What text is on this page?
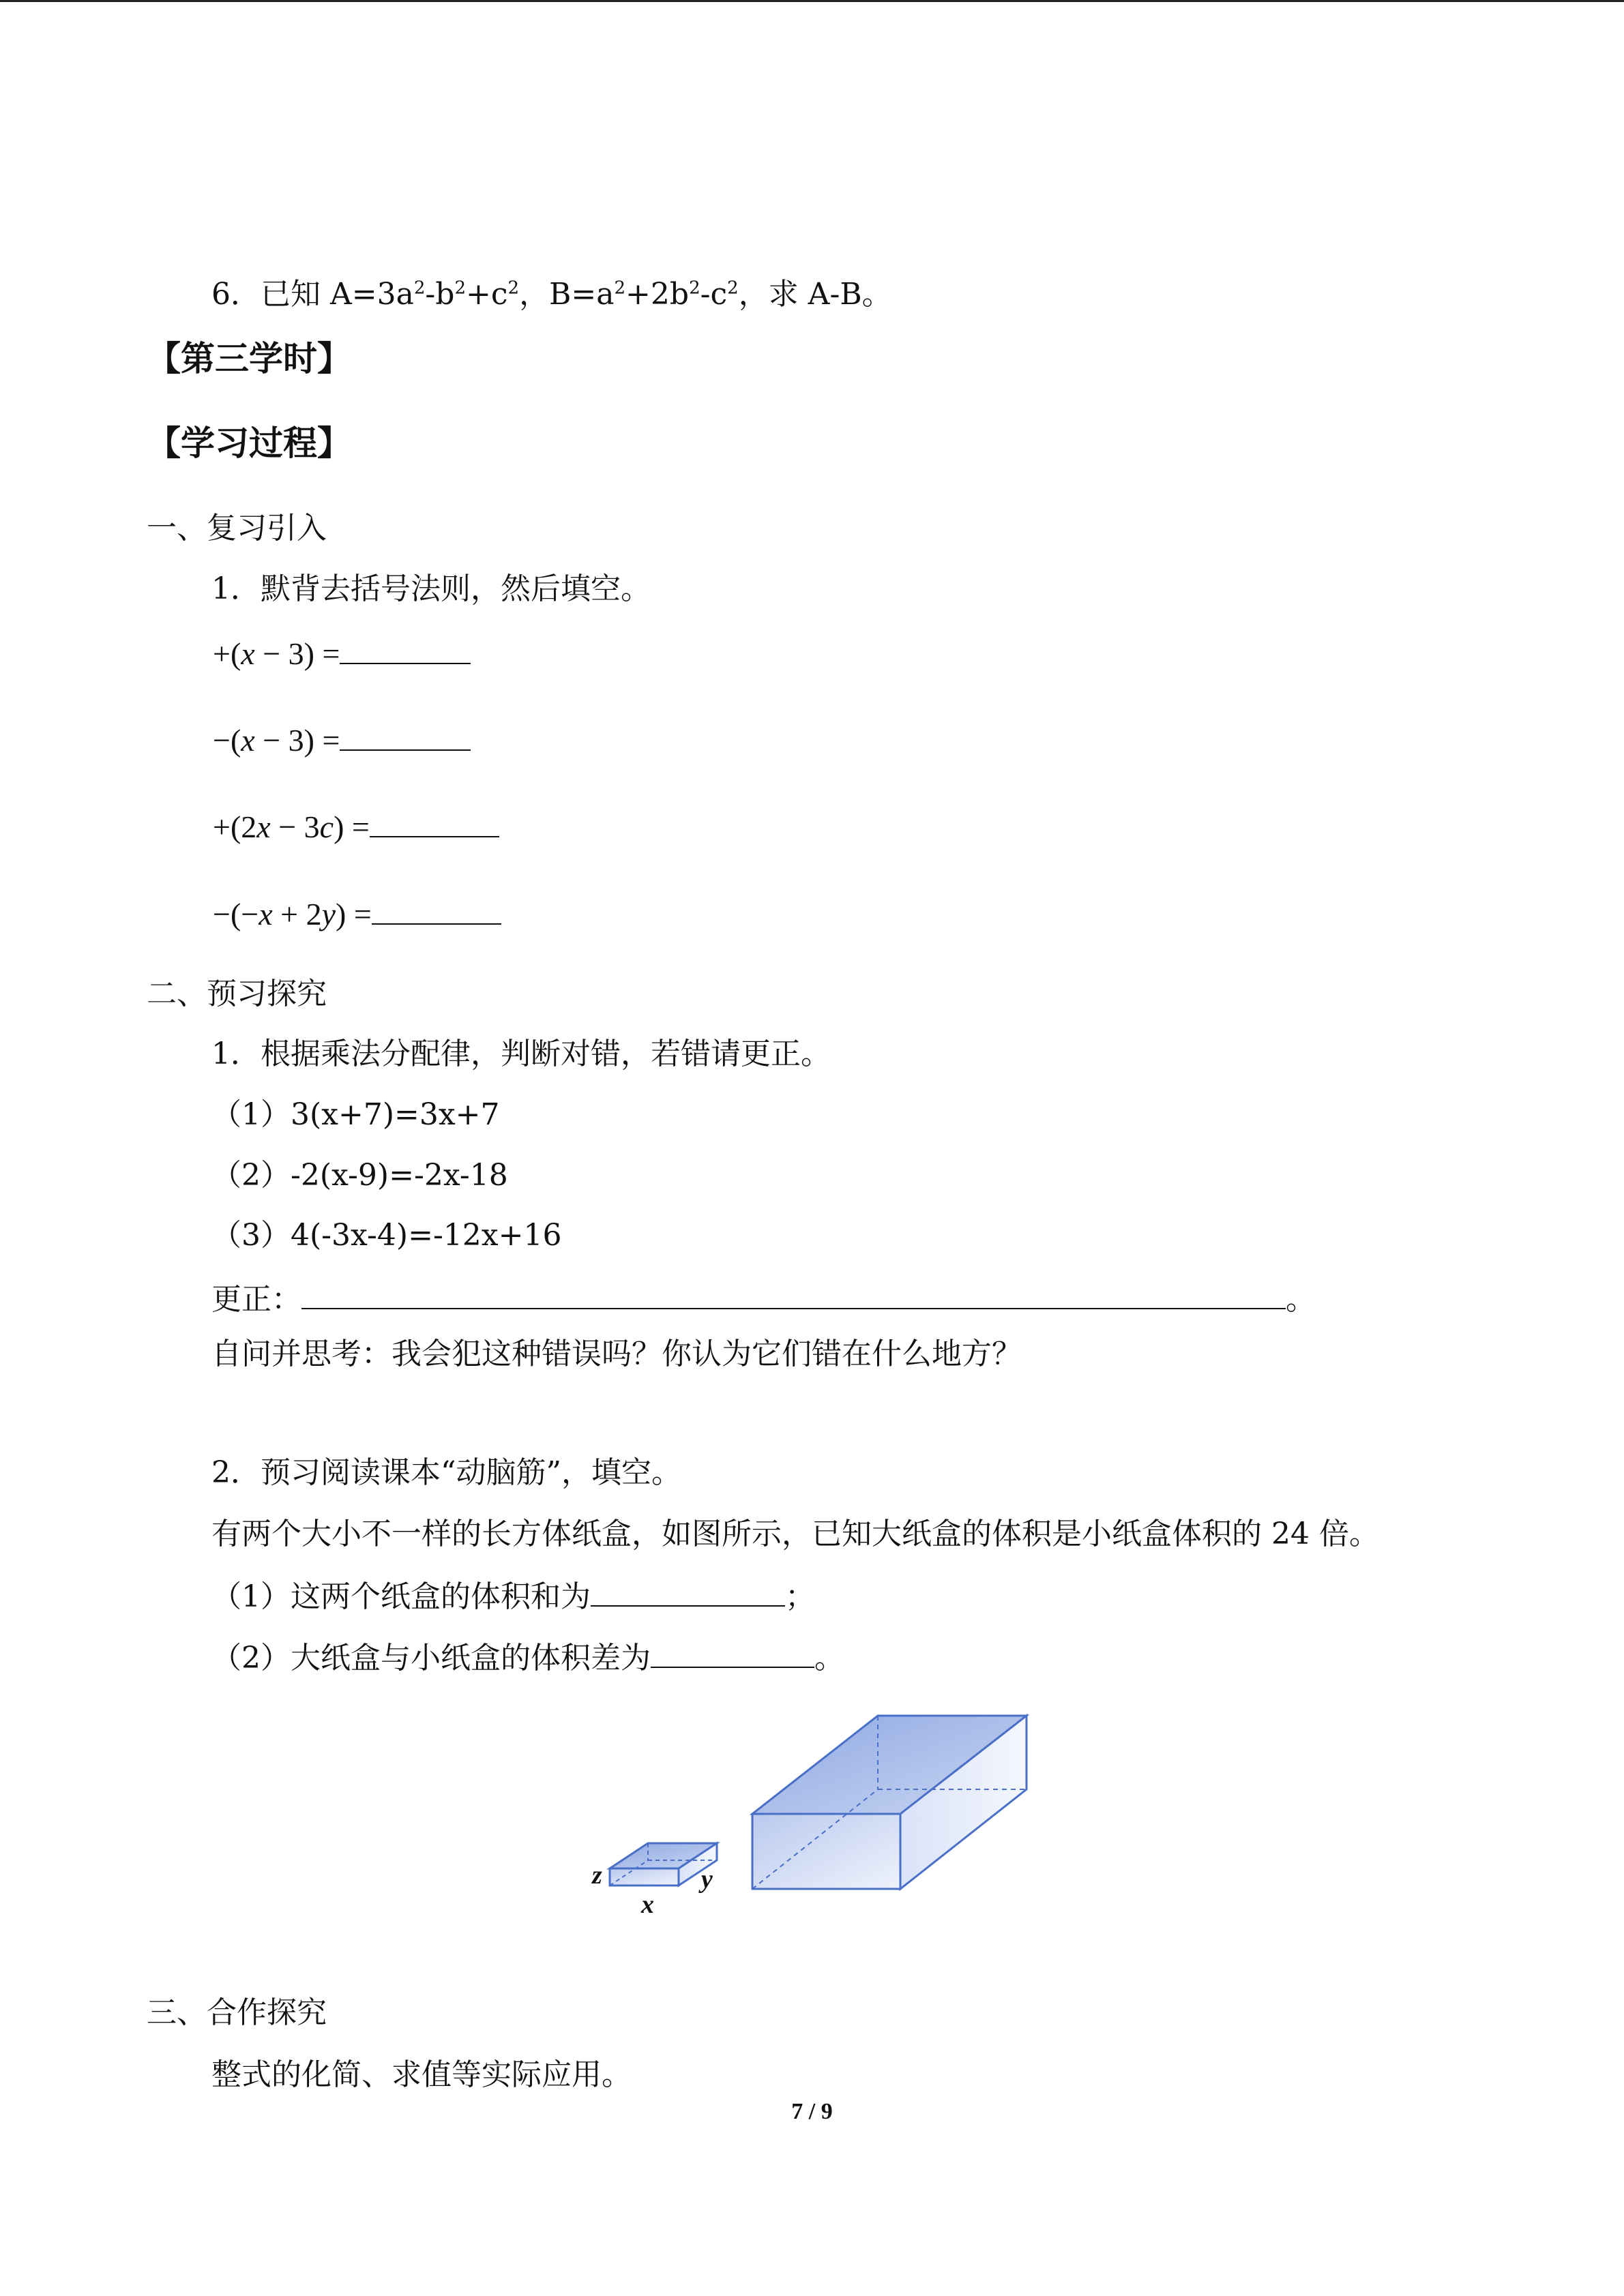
6．已知 $A=3a^2-b^2+c^2$，$B=a^2+2b^2-c^2$，求 A-B。
【第三学时】
【学习过程】
一、复习引入
1．默背去括号法则，然后填空。
+(x − 3) =
−(x − 3) =
+(2x − 3c) =
−(−x + 2y) =
二、预习探究
1．根据乘法分配律，判断对错，若错请更正。
（1）3(x+7)=3x+7
（2）-2(x-9)=-2x-18
（3）4(-3x-4)=-12x+16
更正：	。
自问并思考：我会犯这种错误吗？你认为它们错在什么地方？
2．预习阅读课本“动脑筋”，填空。
有两个大小不一样的长方体纸盒，如图所示，已知大纸盒的体积是小纸盒体积的 24 倍。
（1）这两个纸盒的体积和为	；
（2）大纸盒与小纸盒的体积差为	。
z
x
y
三、合作探究
整式的化简、求值等实际应用。
7 / 9
